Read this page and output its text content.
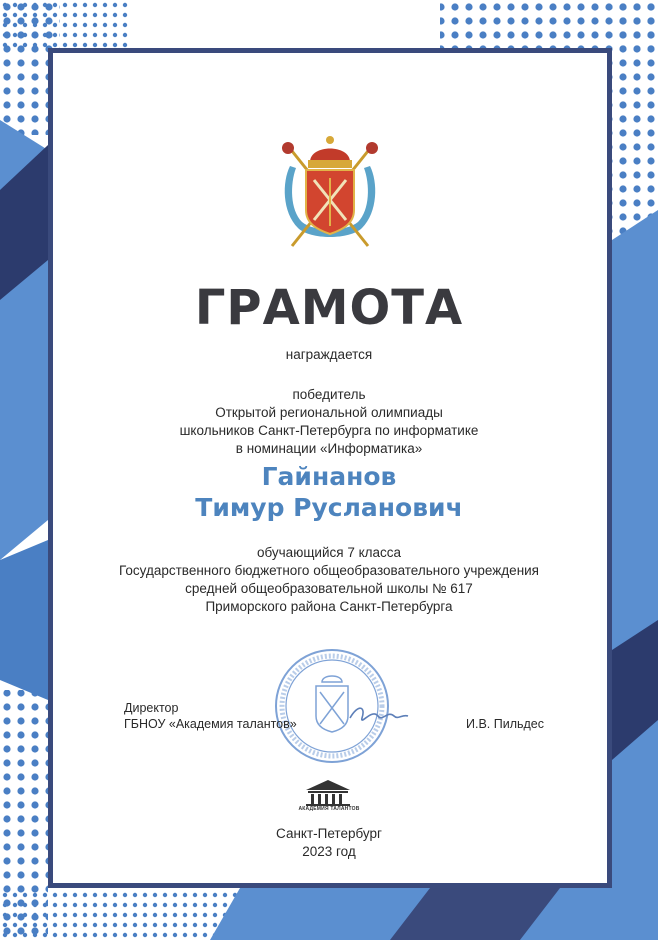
ГРАМОТА
награждается
победитель
Открытой региональной олимпиады
школьников Санкт-Петербурга по информатике
в номинации «Информатика»
Гайнанов
Тимур Русланович
обучающийся 7 класса
Государственного бюджетного общеобразовательного учреждения
средней общеобразовательной школы № 617
Приморского района Санкт-Петербурга
Директор
ГБНОУ «Академия талантов»	И.В. Пильдес
АКАДЕМИЯ ТАЛАНТОВ
Санкт-Петербург
2023 год
